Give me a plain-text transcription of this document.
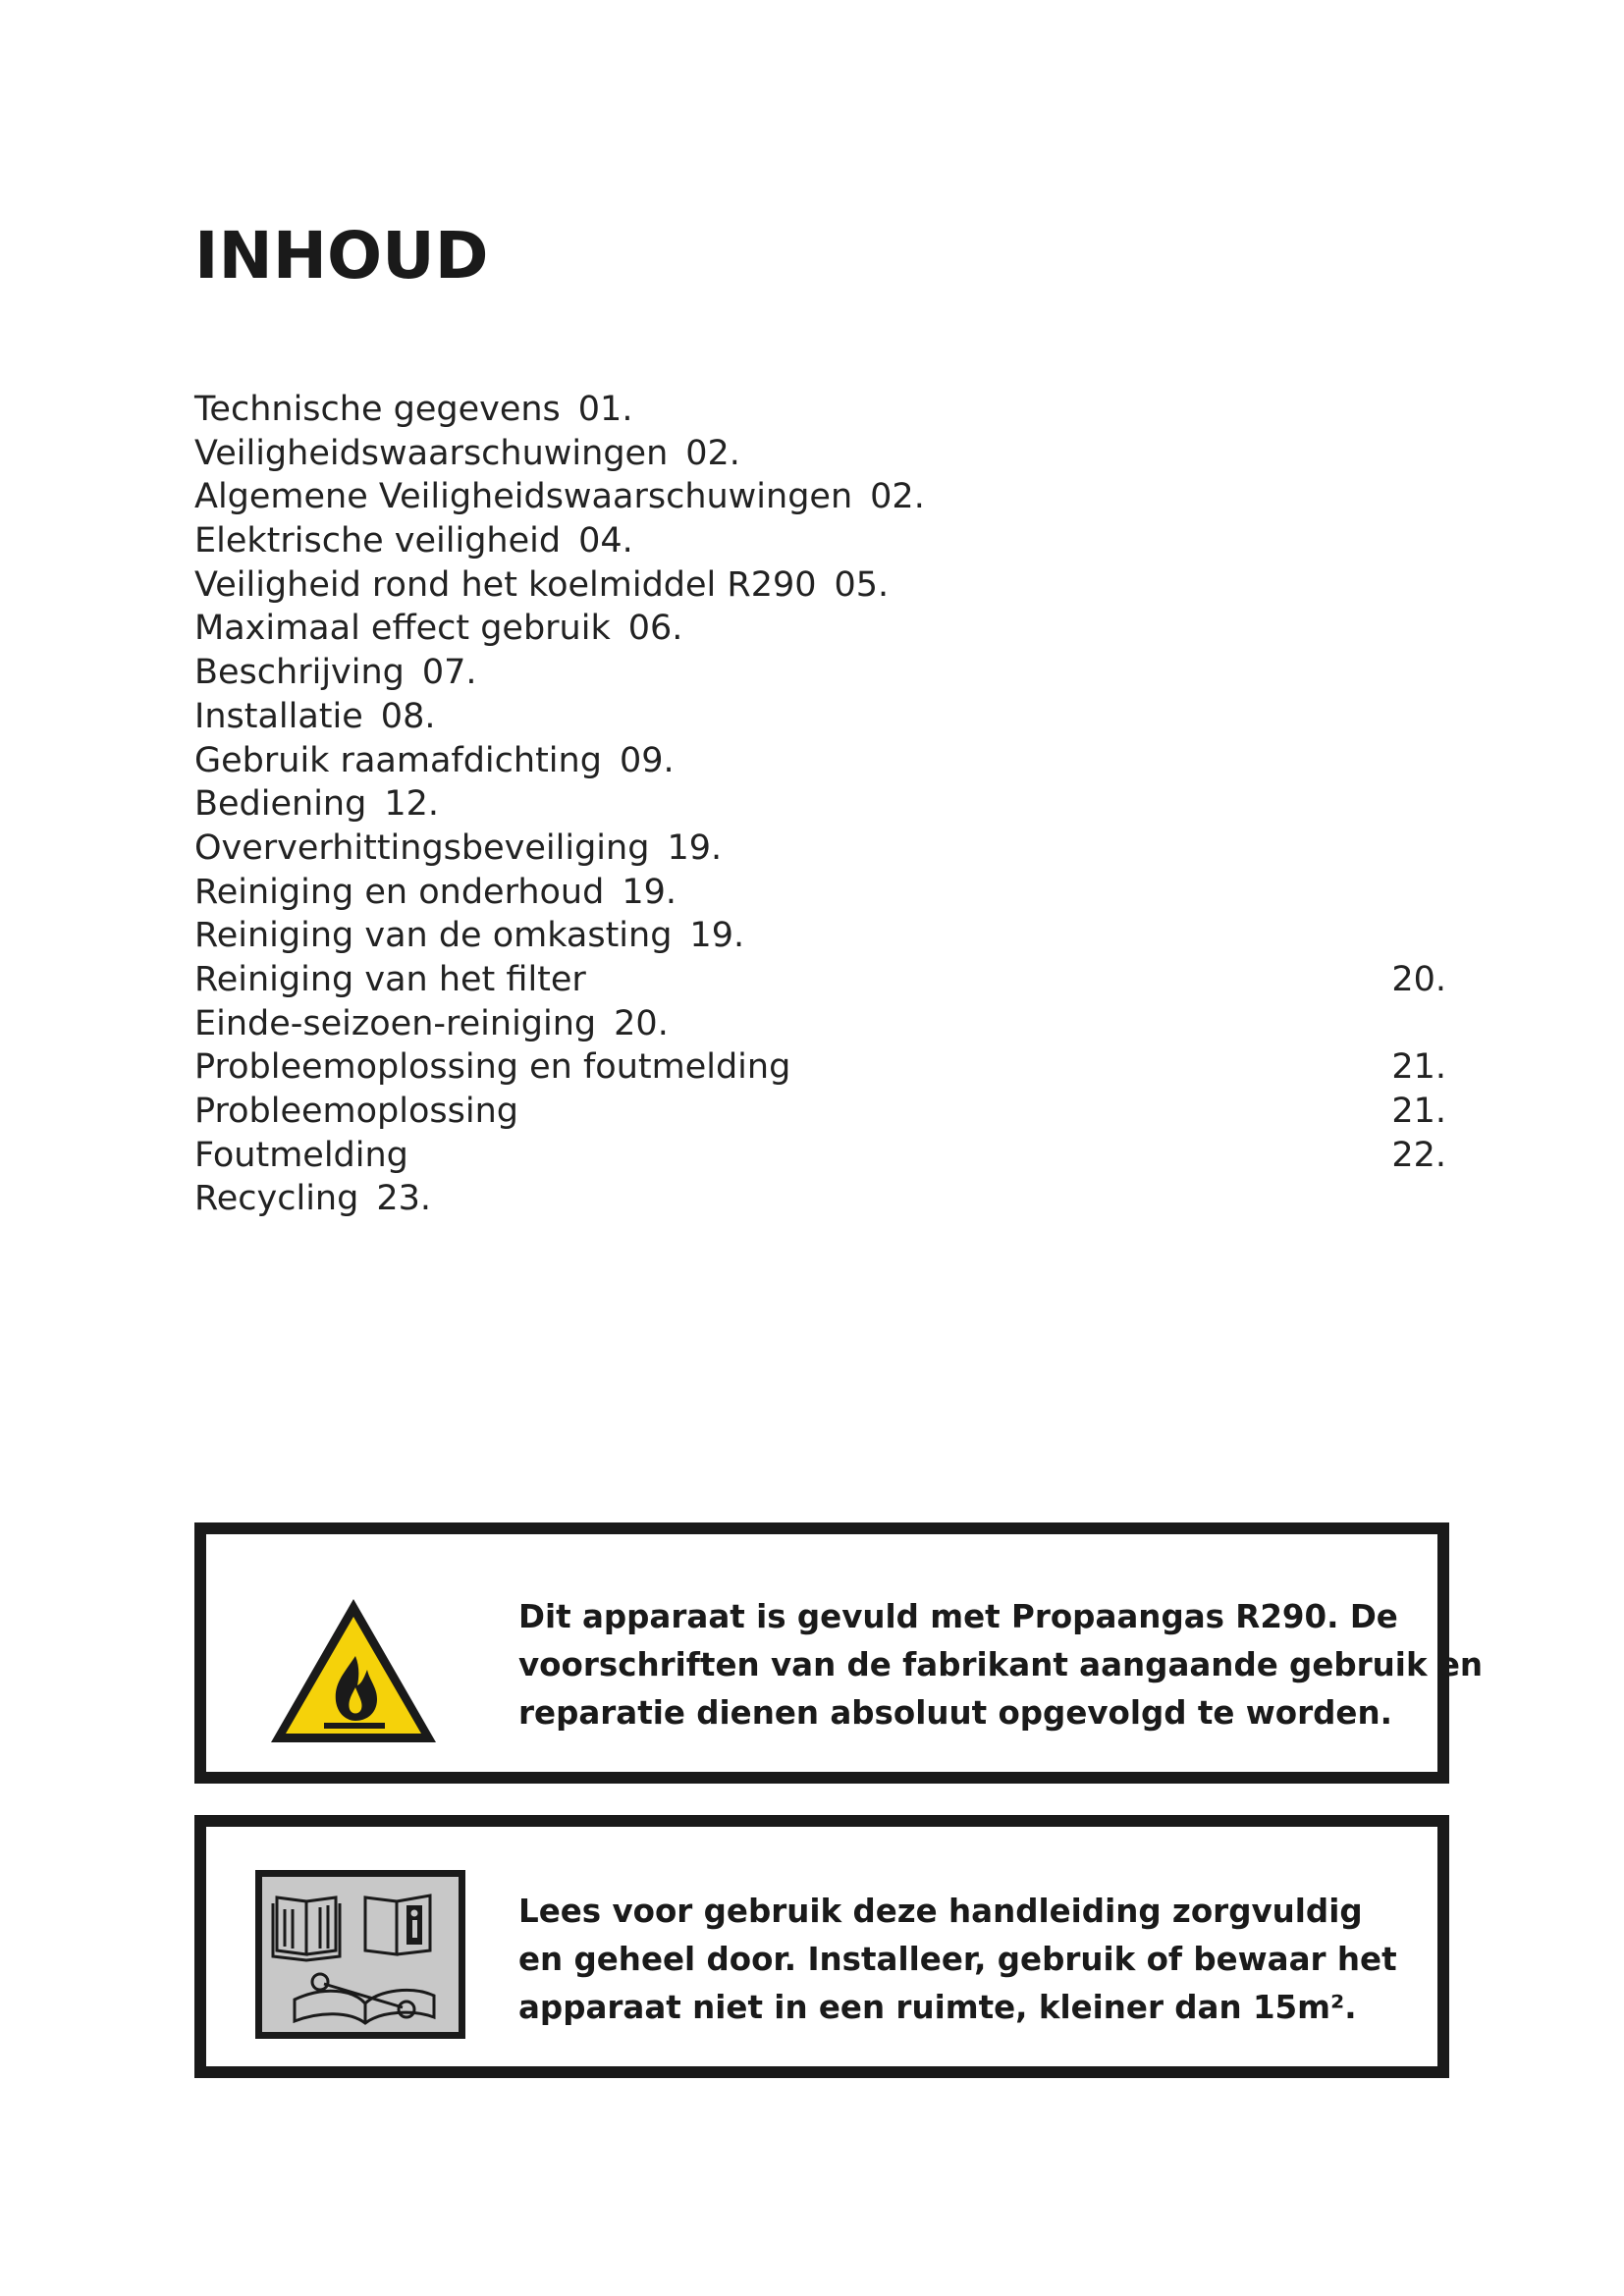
INHOUD
Technische gegevens 01.
Veiligheidswaarschuwingen 02.
Algemene Veiligheidswaarschuwingen 02.
Elektrische veiligheid 04.
Veiligheid rond het koelmiddel R290 05.
Maximaal effect gebruik 06.
Beschrijving 07.
Installatie 08.
Gebruik raamafdichting 09.
Bediening 12.
Oververhittingsbeveiliging 19.
Reiniging en onderhoud 19.
Reiniging van de omkasting 19.
Reiniging van het filter	20.
Einde-seizoen-reiniging 20.
Probleemoplossing en foutmelding	21.
Probleemoplossing	21.
Foutmelding	22.
Recycling 23.
Dit apparaat is gevuld met Propaangas R290. De
voorschriften van de fabrikant aangaande gebruik en
reparatie dienen absoluut opgevolgd te worden.
Lees voor gebruik deze handleiding zorgvuldig
en geheel door. Installeer, gebruik of bewaar het
apparaat niet in een ruimte, kleiner dan 15m².
